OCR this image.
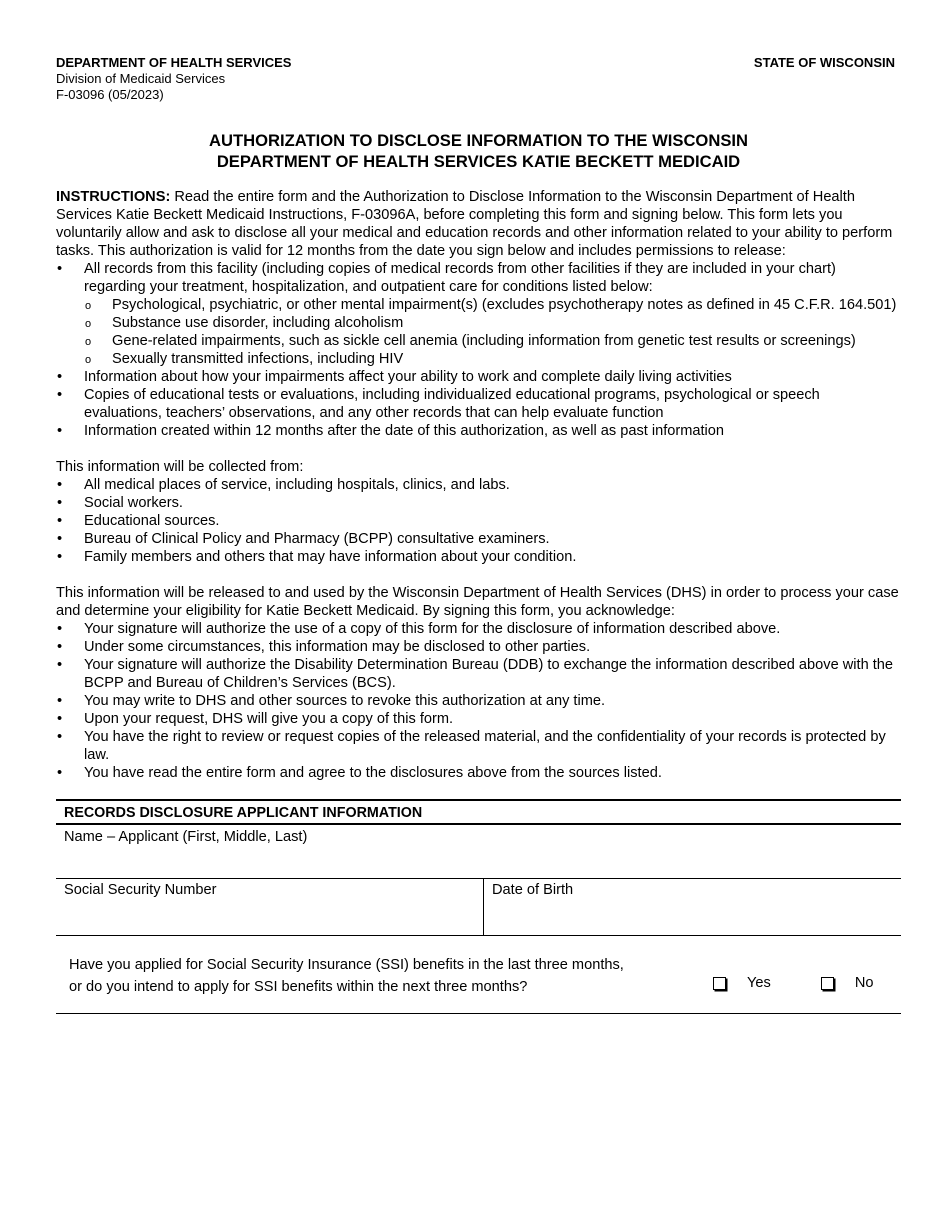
DEPARTMENT OF HEALTH SERVICES
Division of Medicaid Services
F-03096 (05/2023)
STATE OF WISCONSIN
AUTHORIZATION TO DISCLOSE INFORMATION TO THE WISCONSIN
DEPARTMENT OF HEALTH SERVICES KATIE BECKETT MEDICAID

INSTRUCTIONS: Read the entire form and the Authorization to Disclose Information to the Wisconsin Department of Health Services Katie Beckett Medicaid Instructions, F-03096A, before completing this form and signing below. This form lets you voluntarily allow and ask to disclose all your medical and education records and other information related to your ability to perform tasks. This authorization is valid for 12 months from the date you sign below and includes permissions to release:

• All records from this facility (including copies of medical records from other facilities if they are included in your chart) regarding your treatment, hospitalization, and outpatient care for conditions listed below:
o Psychological, psychiatric, or other mental impairment(s) (excludes psychotherapy notes as defined in 45 C.F.R. 164.501)
o Substance use disorder, including alcoholism
o Gene-related impairments, such as sickle cell anemia (including information from genetic test results or screenings)
o Sexually transmitted infections, including HIV
• Information about how your impairments affect your ability to work and complete daily living activities
• Copies of educational tests or evaluations, including individualized educational programs, psychological or speech evaluations, teachers’ observations, and any other records that can help evaluate function
• Information created within 12 months after the date of this authorization, as well as past information

This information will be collected from:

• All medical places of service, including hospitals, clinics, and labs.
• Social workers.
• Educational sources.
• Bureau of Clinical Policy and Pharmacy (BCPP) consultative examiners.
• Family members and others that may have information about your condition.

This information will be released to and used by the Wisconsin Department of Health Services (DHS) in order to process your case and determine your eligibility for Katie Beckett Medicaid. By signing this form, you acknowledge:

• Your signature will authorize the use of a copy of this form for the disclosure of information described above.
• Under some circumstances, this information may be disclosed to other parties.
• Your signature will authorize the Disability Determination Bureau (DDB) to exchange the information described above with the BCPP and Bureau of Children’s Services (BCS).
• You may write to DHS and other sources to revoke this authorization at any time.
• Upon your request, DHS will give you a copy of this form.
• You have the right to review or request copies of the released material, and the confidentiality of your records is protected by law.
• You have read the entire form and agree to the disclosures above from the sources listed.
RECORDS DISCLOSURE APPLICANT INFORMATION
Name – Applicant (First, Middle, Last)
Social Security Number	Date of Birth
Have you applied for Social Security Insurance (SSI) benefits in the last three months,
or do you intend to apply for SSI benefits within the next three months?	Yes	No
